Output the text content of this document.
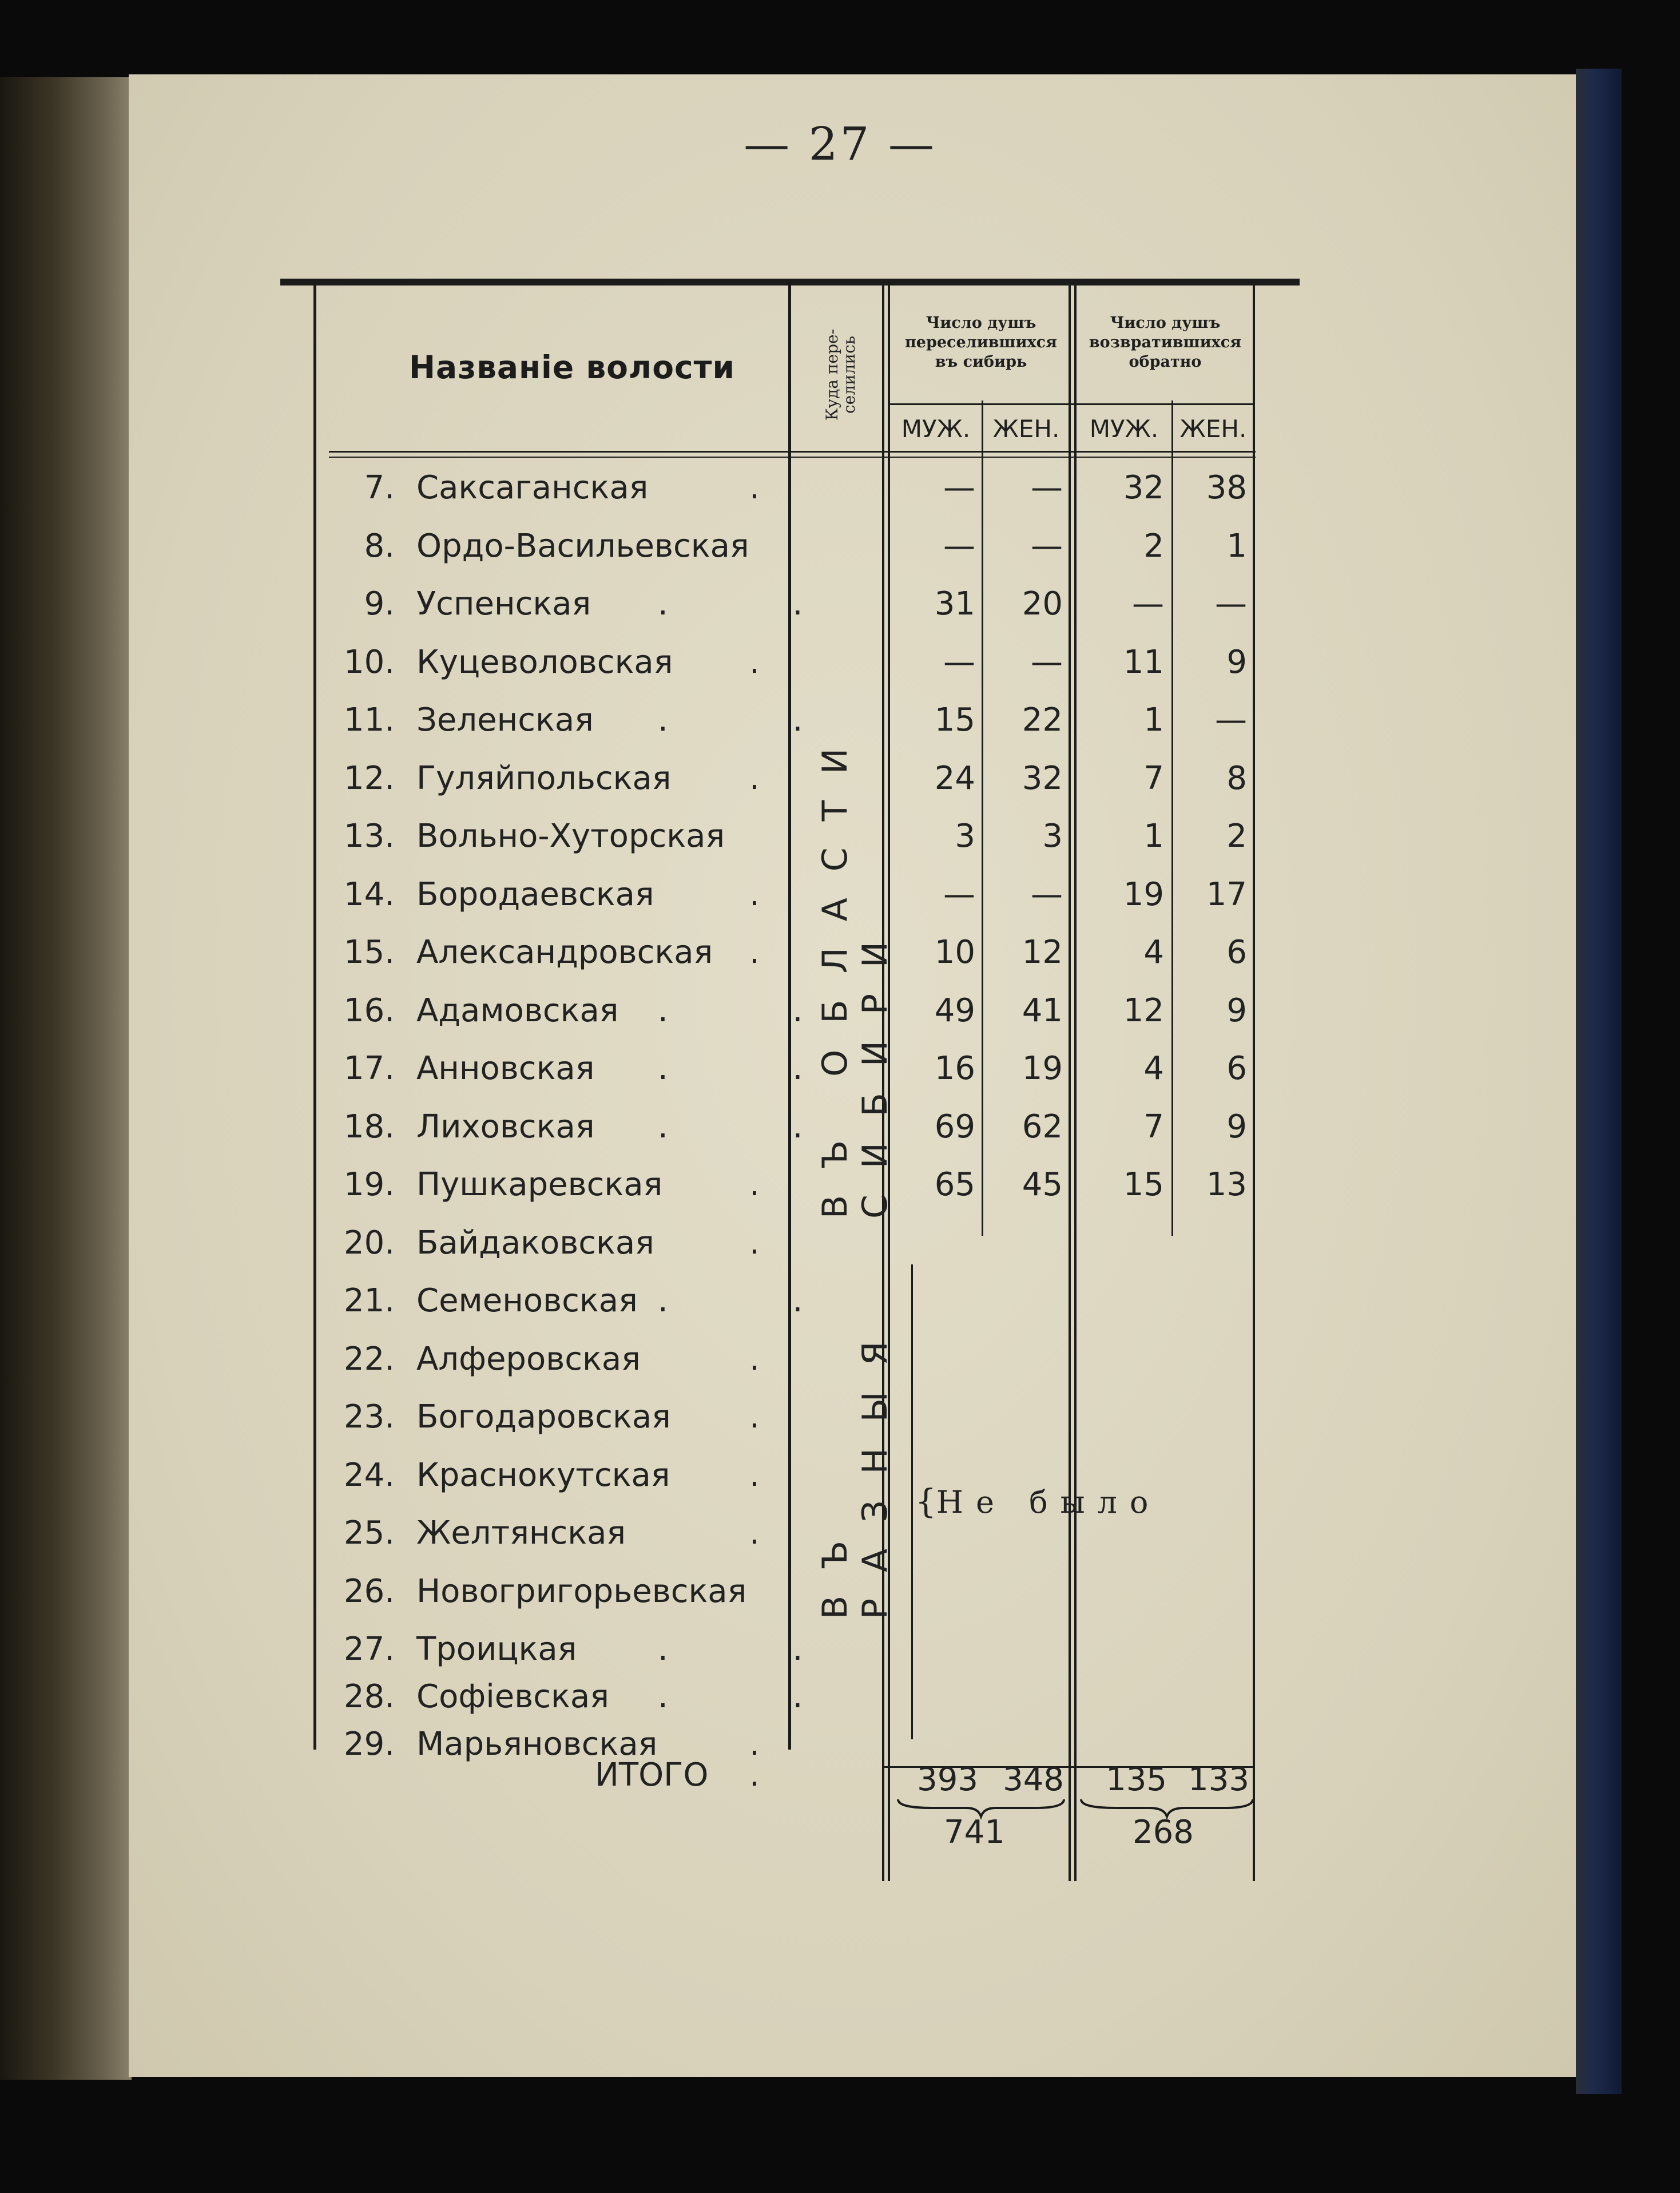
— 27 —
Названіе волости	Куда пере-
селились
Число душъ
переселившихся
въ сибирь
Число душъ
возвратившихся
обратно
МУЖ. ЖЕН.	МУЖ. ЖЕН.
ВЪ ОБЛАСТИ СИБИРИ
ВЪ РАЗНЫЯ
7. Саксаганская	.	—	—	32	38
8. Ордо-Васильевская	—	—	2	1
9. Успенская . .	31	20	—	—
10. Куцеволовская .	—	—	11	9
11. Зеленская . .	15	22	1	—
12. Гуляйпольская .	24	32	7	8
13. Вольно-Хуторская	3	3	1	2
14. Бородаевская	.	—	—	19	17
15. Александровская .	10	12	4	6
16. Адамовская . .	49	41	12	9
17. Анновская . .	16	19	4	6
18. Лиховская . .	69	62	7	9
19. Пушкаревская	.	65	45	15	13
20. Байдаковская	.
21. Семеновская . .
22. Алферовская	.
23. Богодаровская .
24. Краснокутская .
25. Желтянская	.
26. Новогригорьевская
27. Троицкая	. .
28. Софіевская . .
29. Марьяновская	.
{Не было
ИТОГО .	393 348	135 133
741	268
